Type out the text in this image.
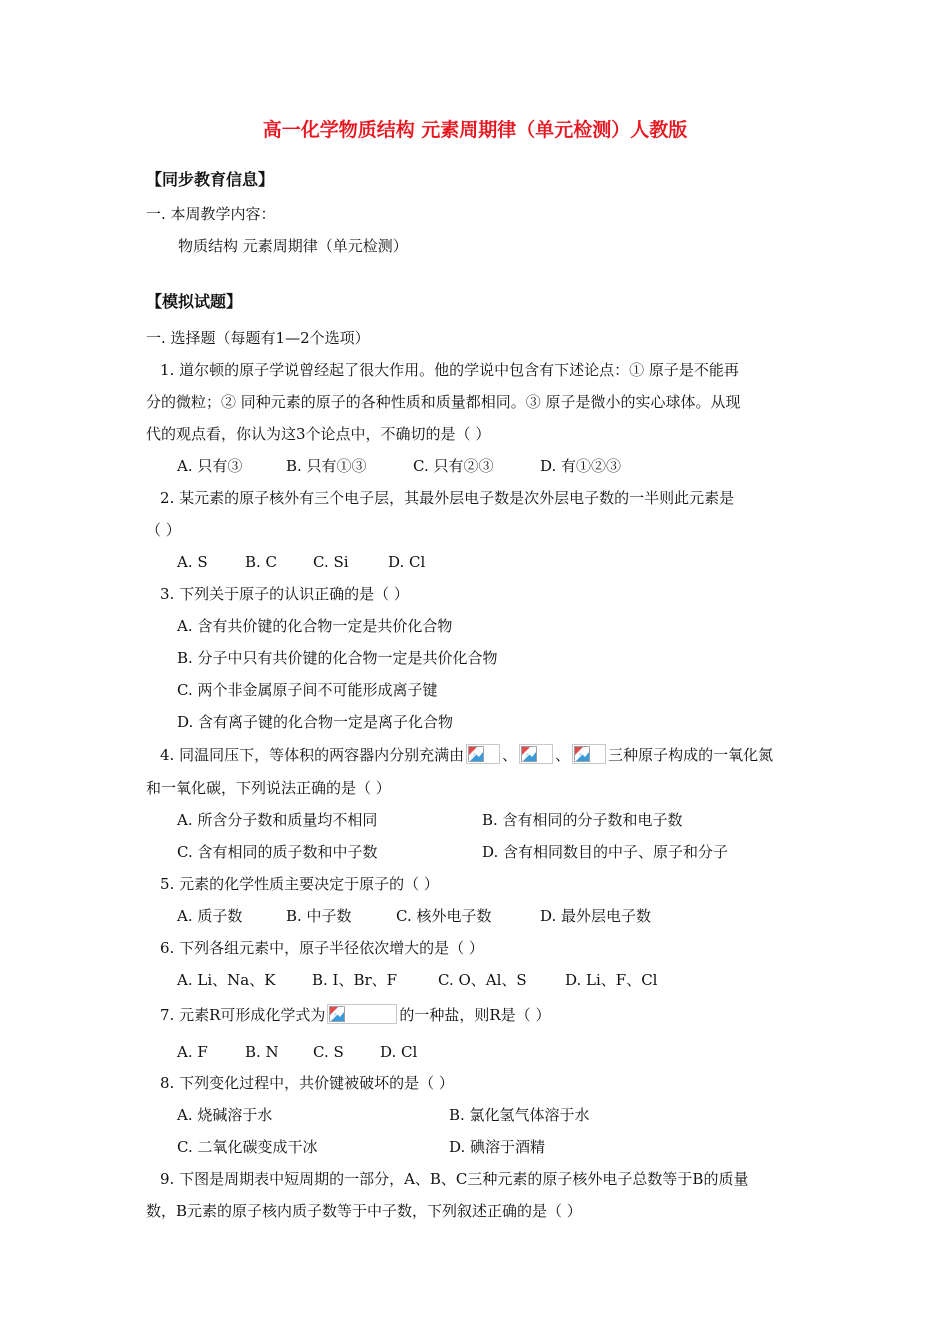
高一化学物质结构 元素周期律（单元检测）人教版
【同步教育信息】
一. 本周教学内容：
物质结构 元素周期律（单元检测）
【模拟试题】
一. 选择题（每题有1—2个选项）
1. 道尔顿的原子学说曾经起了很大作用。他的学说中包含有下述论点：① 原子是不能再
分的微粒；② 同种元素的原子的各种性质和质量都相同。③ 原子是微小的实心球体。从现
代的观点看，你认为这3个论点中，不确切的是（ ）
A. 只有③	B. 只有①③	C. 只有②③	D. 有①②③
2. 某元素的原子核外有三个电子层，其最外层电子数是次外层电子数的一半则此元素是
（ ）
A. S B. C C. Si	D. Cl
3. 下列关于原子的认识正确的是（ ）
A. 含有共价键的化合物一定是共价化合物
B. 分子中只有共价键的化合物一定是共价化合物
C. 两个非金属原子间不可能形成离子键
D. 含有离子键的化合物一定是离子化合物
4. 同温同压下，等体积的两容器内分别充满由	、	、	三种原子构成的一氧化氮
和一氧化碳，下列说法正确的是（ ）
A. 所含分子数和质量均不相同	B. 含有相同的分子数和电子数
C. 含有相同的质子数和中子数	D. 含有相同数目的中子、原子和分子
5. 元素的化学性质主要决定于原子的（ ）
A. 质子数	B. 中子数	C. 核外电子数	D. 最外层电子数
6. 下列各组元素中，原子半径依次增大的是（ ）
A. Li、Na、K B. I、Br、F	C. O、Al、S	D. Li、F、Cl
7. 元素R可形成化学式为	的一种盐，则R是（ ）
A. F B. N C. S D. Cl
8. 下列变化过程中，共价键被破坏的是（ ）
A. 烧碱溶于水	B. 氯化氢气体溶于水
C. 二氧化碳变成干冰	D. 碘溶于酒精
9. 下图是周期表中短周期的一部分，A、B、C三种元素的原子核外电子总数等于B的质量
数，B元素的原子核内质子数等于中子数，下列叙述正确的是（ ）
